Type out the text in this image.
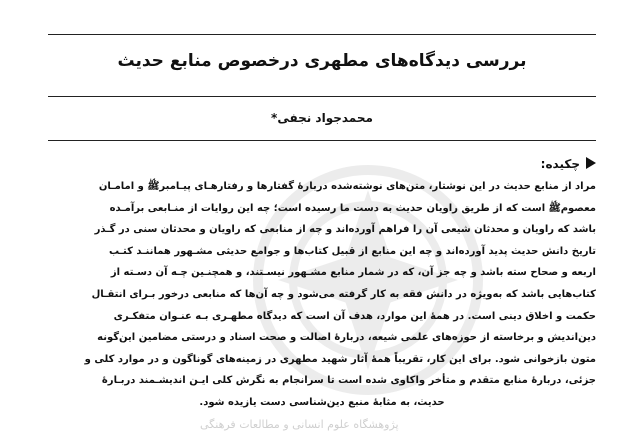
بررسی دیدگاه‌های مطهری درخصوص منابع حدیث
محمدجواد نجفی*
چکیده:
مراد از منابع حدیث در این نوشتار، متن‌های نوشته‌شده دربارهٔ گفتارها و رفتارهـای پیـامبرﷺ و امامـان
معصومﷺ است که از طریق راویان حدیث به دست ما رسیده است؛ چه این روایات از منـابعی برآمـده
باشد که راویان و محدثان شیعی آن را فراهم آورده‌اند و چه از منابعی که راویان و محدثان سنی در گـذر
تاریخ دانش حدیث پدید آورده‌اند و چه این منابع از قبیل کتاب‌ها و جوامع حدیثی مشـهور هماننـد کتـب
اربعه و صحاح سته باشد و چه جز آن، که در شمار منابع مشـهور نیسـتند، و همچنـین چـه آن دسـته از
کتاب‌هایی باشد که به‌ویژه در دانش فقه به کار گرفته می‌شود و چه آن‌ها که منابعی درخور بـرای انتقـال
حکمت و اخلاق دینی است. در همهٔ این موارد، هدف آن است که دیدگاه مطهـری بـه عنـوان متفکـری
دین‌اندیش و برخاسته از حوزه‌های علمی شیعه، دربارهٔ اصالت و صحت اسناد و درستی مضامین این‌گونه
متون بازخوانی شود. برای این کار، تقریباً همهٔ آثار شهید مطهری در زمینه‌های گوناگون و در موارد کلی و
جزئی، دربارهٔ منابع متقدم و متأخر واکاوی شده است تا سرانجام به نگرش کلی ایـن اندیشـمند دربـارهٔ
حدیث، به مثابهٔ منبع دین‌شناسی دست یازیده شود.
پژوهشگاه علوم انسانی و مطالعات فرهنگی
